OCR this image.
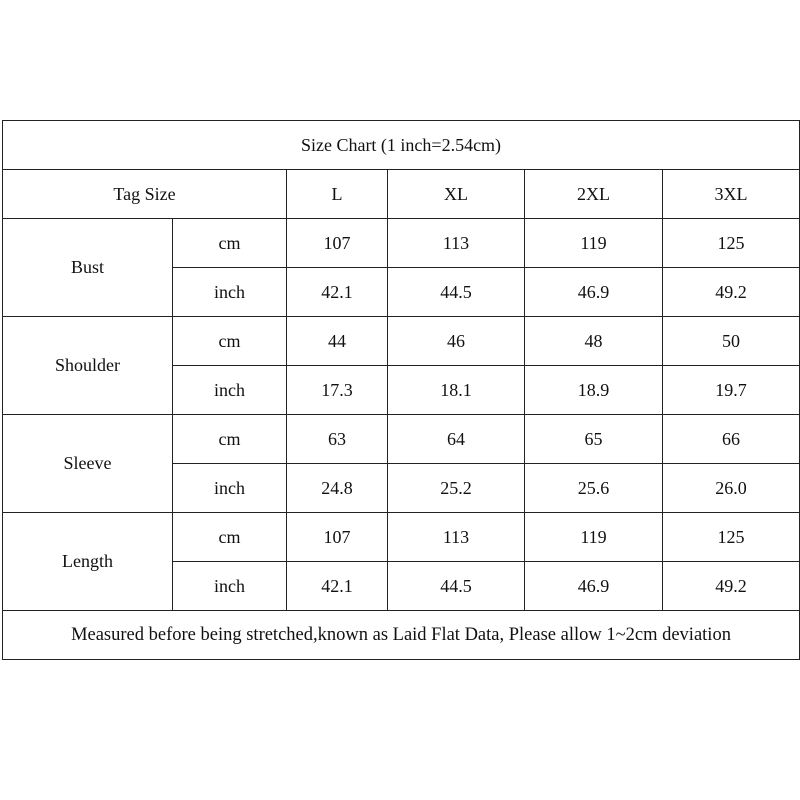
Size Chart (1 inch=2.54cm)					
Tag Size		L	XL	2XL	3XL
Bust	cm	107	113	119	125
	inch	42.1	44.5	46.9	49.2
Shoulder	cm	44	46	48	50
	inch	17.3	18.1	18.9	19.7
Sleeve	cm	63	64	65	66
	inch	24.8	25.2	25.6	26.0
Length	cm	107	113	119	125
	inch	42.1	44.5	46.9	49.2
Measured before being stretched,known as Laid Flat Data, Please allow 1~2cm deviation					
